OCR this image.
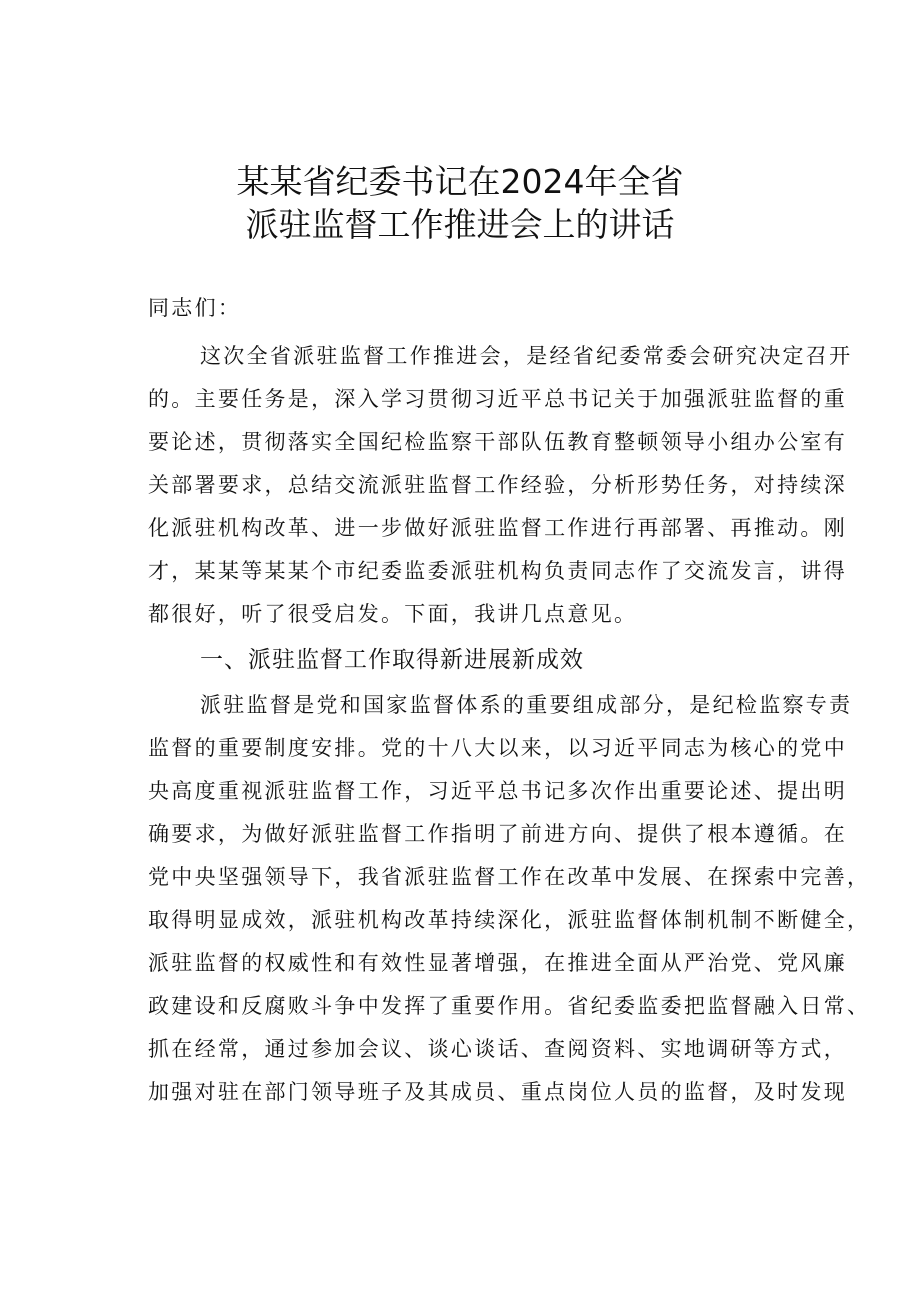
某某省纪委书记在2024年全省
派驻监督工作推进会上的讲话
同志们：
这次全省派驻监督工作推进会，是经省纪委常委会研究决定召开
的。主要任务是，深入学习贯彻习近平总书记关于加强派驻监督的重
要论述，贯彻落实全国纪检监察干部队伍教育整顿领导小组办公室有
关部署要求，总结交流派驻监督工作经验，分析形势任务，对持续深
化派驻机构改革、进一步做好派驻监督工作进行再部署、再推动。刚
才，某某等某某个市纪委监委派驻机构负责同志作了交流发言，讲得
都很好，听了很受启发。下面，我讲几点意见。
一、派驻监督工作取得新进展新成效
派驻监督是党和国家监督体系的重要组成部分，是纪检监察专责
监督的重要制度安排。党的十八大以来，以习近平同志为核心的党中
央高度重视派驻监督工作，习近平总书记多次作出重要论述、提出明
确要求，为做好派驻监督工作指明了前进方向、提供了根本遵循。在
党中央坚强领导下，我省派驻监督工作在改革中发展、在探索中完善，
取得明显成效，派驻机构改革持续深化，派驻监督体制机制不断健全，
派驻监督的权威性和有效性显著增强，在推进全面从严治党、党风廉
政建设和反腐败斗争中发挥了重要作用。省纪委监委把监督融入日常、
抓在经常，通过参加会议、谈心谈话、查阅资料、实地调研等方式，
加强对驻在部门领导班子及其成员、重点岗位人员的监督，及时发现
